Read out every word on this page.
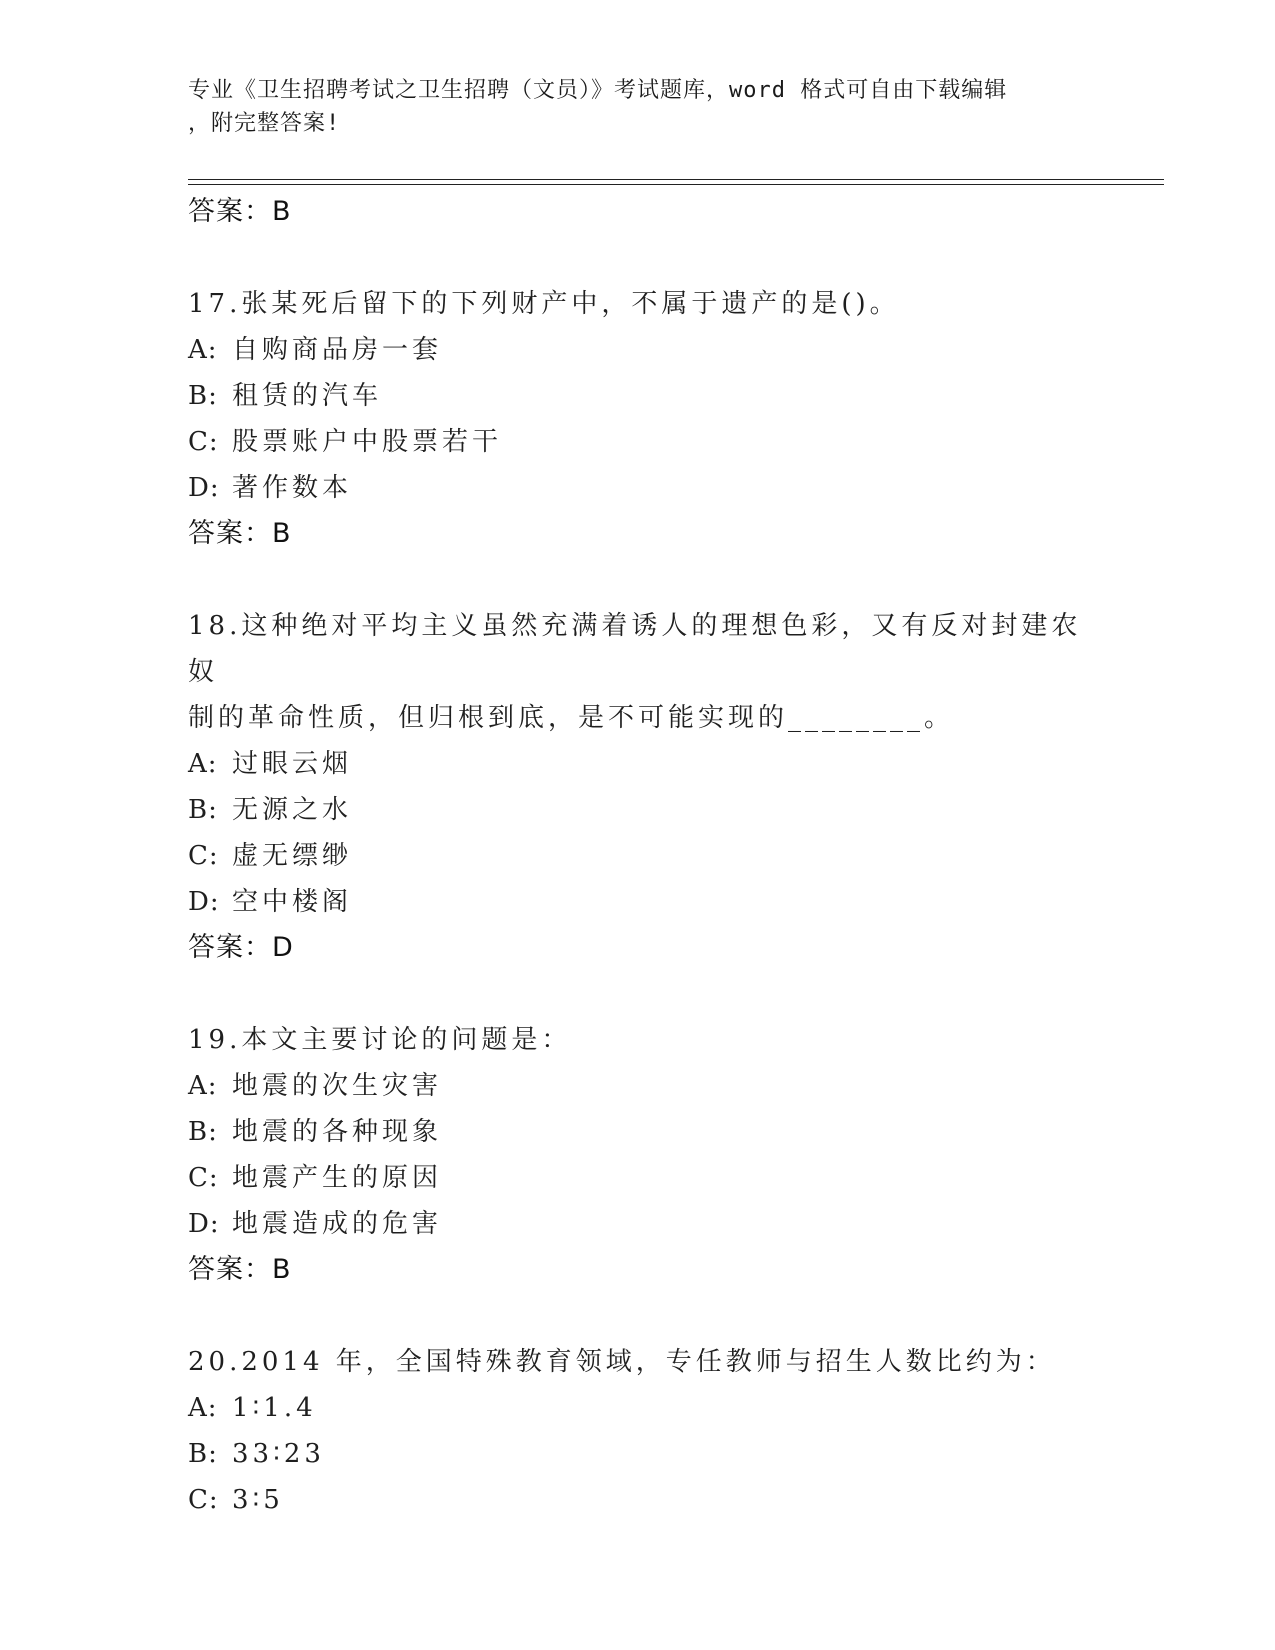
专业《卫生招聘考试之卫生招聘（文员）》考试题库，word 格式可自由下载编辑
，附完整答案!
答案：B
17.张某死后留下的下列财产中，不属于遗产的是()。
A: 自购商品房一套
B: 租赁的汽车
C: 股票账户中股票若干
D: 著作数本
答案：B
18.这种绝对平均主义虽然充满着诱人的理想色彩，又有反对封建农奴
制的革命性质，但归根到底，是不可能实现的________。
A: 过眼云烟
B: 无源之水
C: 虚无缥缈
D: 空中楼阁
答案：D
19.本文主要讨论的问题是：
A: 地震的次生灾害
B: 地震的各种现象
C: 地震产生的原因
D: 地震造成的危害
答案：B
20.2014 年，全国特殊教育领域，专任教师与招生人数比约为：
A: 1∶1.4
B: 33∶23
C: 3∶5
